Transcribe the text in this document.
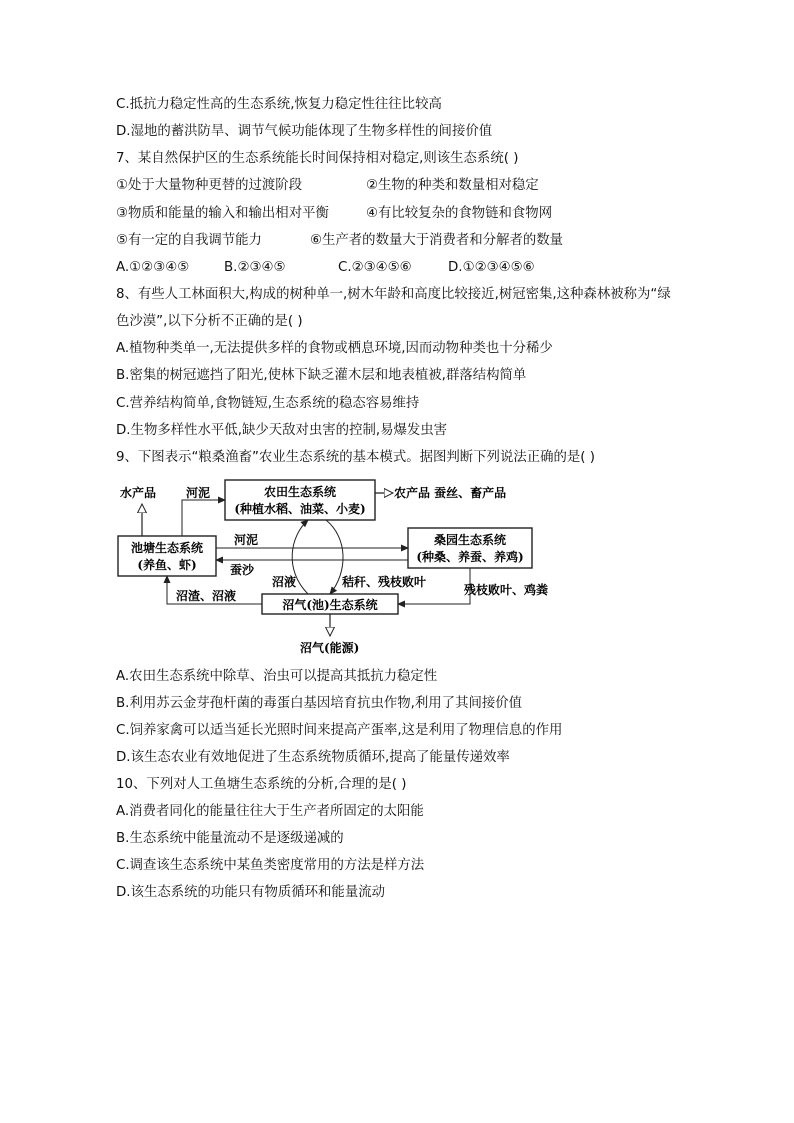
C.抵抗力稳定性高的生态系统,恢复力稳定性往往比较高
D.湿地的蓄洪防旱、调节气候功能体现了生物多样性的间接价值
7、某自然保护区的生态系统能长时间保持相对稳定,则该生态系统( )
①处于大量物种更替的过渡阶段	②生物的种类和数量相对稳定
③物质和能量的输入和输出相对平衡	④有比较复杂的食物链和食物网
⑤有一定的自我调节能力	⑥生产者的数量大于消费者和分解者的数量
A.①②③④⑤	B.②③④⑤	C.②③④⑤⑥	D.①②③④⑤⑥
8、有些人工林面积大,构成的树种单一,树木年龄和高度比较接近,树冠密集,这种森林被称为“绿
色沙漠”,以下分析不正确的是( )
A.植物种类单一,无法提供多样的食物或栖息环境,因而动物种类也十分稀少
B.密集的树冠遮挡了阳光,使林下缺乏灌木层和地表植被,群落结构简单
C.营养结构简单,食物链短,生态系统的稳态容易维持
D.生物多样性水平低,缺少天敌对虫害的控制,易爆发虫害
9、下图表示“粮桑渔畜”农业生态系统的基本模式。据图判断下列说法正确的是( )
农田生态系统
(种植水稻、油菜、小麦)
池塘生态系统
(养鱼、虾)
桑园生态系统
(种桑、养蚕、养鸡)
沼气(池)生态系统
水产品	农产品 蚕丝、畜产品
沼气(能源)
河泥
河泥
蚕沙
沼渣、沼液	残枝败叶、鸡粪
沼液	秸秆、残枝败叶
A.农田生态系统中除草、治虫可以提高其抵抗力稳定性
B.利用苏云金芽孢杆菌的毒蛋白基因培育抗虫作物,利用了其间接价值
C.饲养家禽可以适当延长光照时间来提高产蛋率,这是利用了物理信息的作用
D.该生态农业有效地促进了生态系统物质循环,提高了能量传递效率
10、下列对人工鱼塘生态系统的分析,合理的是( )
A.消费者同化的能量往往大于生产者所固定的太阳能
B.生态系统中能量流动不是逐级递减的
C.调查该生态系统中某鱼类密度常用的方法是样方法
D.该生态系统的功能只有物质循环和能量流动
